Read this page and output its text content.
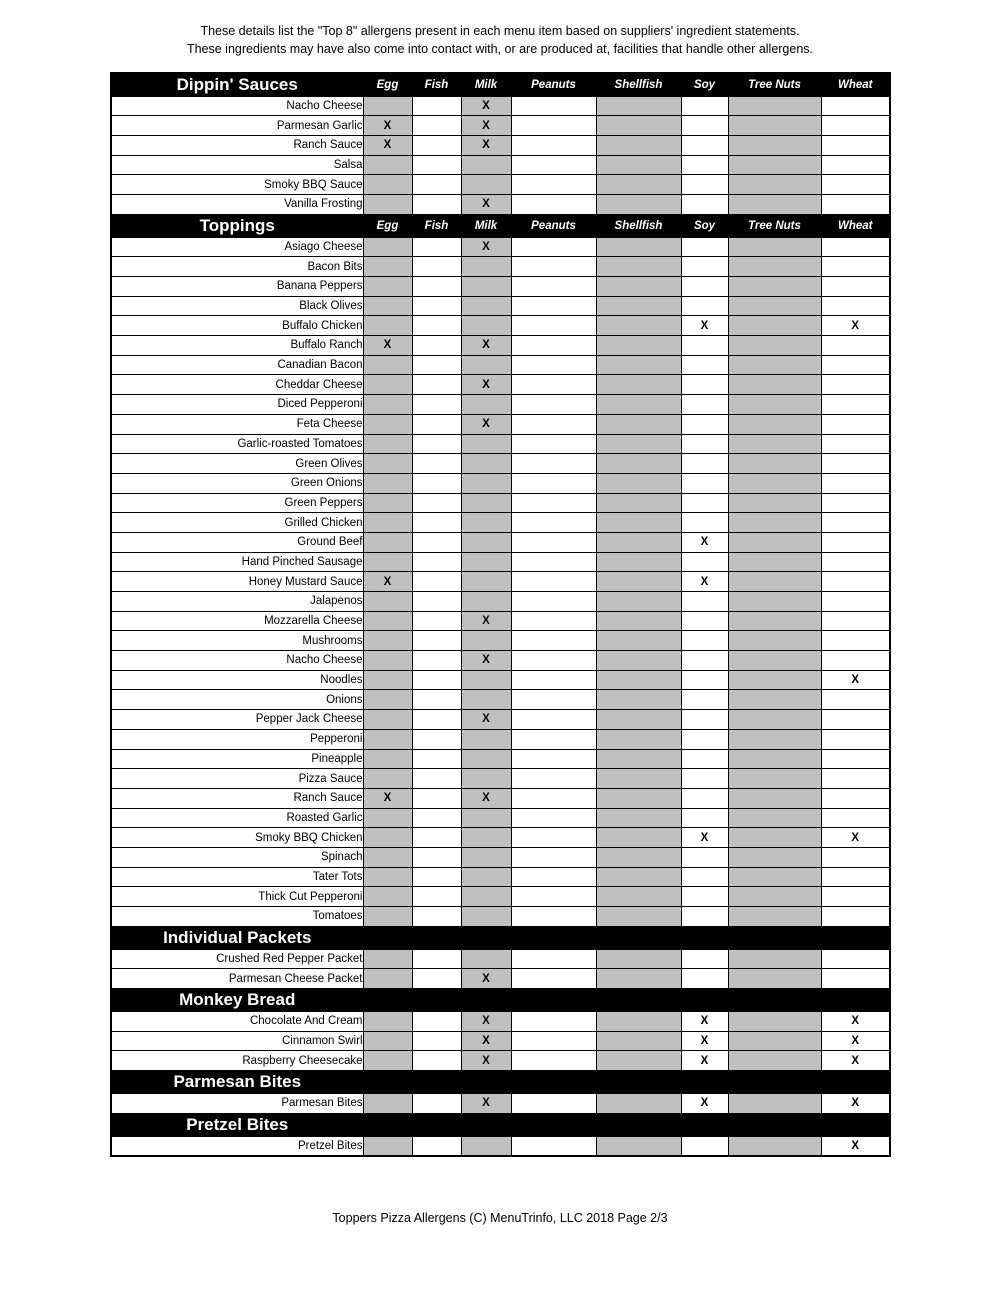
These details list the "Top 8" allergens present in each menu item based on suppliers' ingredient statements.
These ingredients may have also come into contact with, or are produced at, facilities that handle other allergens.
Dippin' Sauces	Egg	Fish	Milk	Peanuts	Shellfish	Soy	Tree Nuts	Wheat
Nacho Cheese			X					
Parmesan Garlic	X		X					
Ranch Sauce	X		X					
Salsa								
Smoky BBQ Sauce								
Vanilla Frosting			X					
Toppings	Egg	Fish	Milk	Peanuts	Shellfish	Soy	Tree Nuts	Wheat
Asiago Cheese			X					
Bacon Bits								
Banana Peppers								
Black Olives								
Buffalo Chicken						X		X
Buffalo Ranch	X		X					
Canadian Bacon								
Cheddar Cheese			X					
Diced Pepperoni								
Feta Cheese			X					
Garlic-roasted Tomatoes								
Green Olives								
Green Onions								
Green Peppers								
Grilled Chicken								
Ground Beef						X		
Hand Pinched Sausage								
Honey Mustard Sauce	X					X		
Jalapenos								
Mozzarella Cheese			X					
Mushrooms								
Nacho Cheese			X					
Noodles								X
Onions								
Pepper Jack Cheese			X					
Pepperoni								
Pineapple								
Pizza Sauce								
Ranch Sauce	X		X					
Roasted Garlic								
Smoky BBQ Chicken						X		X
Spinach								
Tater Tots								
Thick Cut Pepperoni								
Tomatoes								
Individual Packets								
Crushed Red Pepper Packet								
Parmesan Cheese Packet			X					
Monkey Bread								
Chocolate And Cream			X			X		X
Cinnamon Swirl			X			X		X
Raspberry Cheesecake			X			X		X
Parmesan Bites								
Parmesan Bites			X			X		X
Pretzel Bites								
Pretzel Bites								X
Toppers Pizza Allergens (C) MenuTrinfo, LLC 2018 Page 2/3
